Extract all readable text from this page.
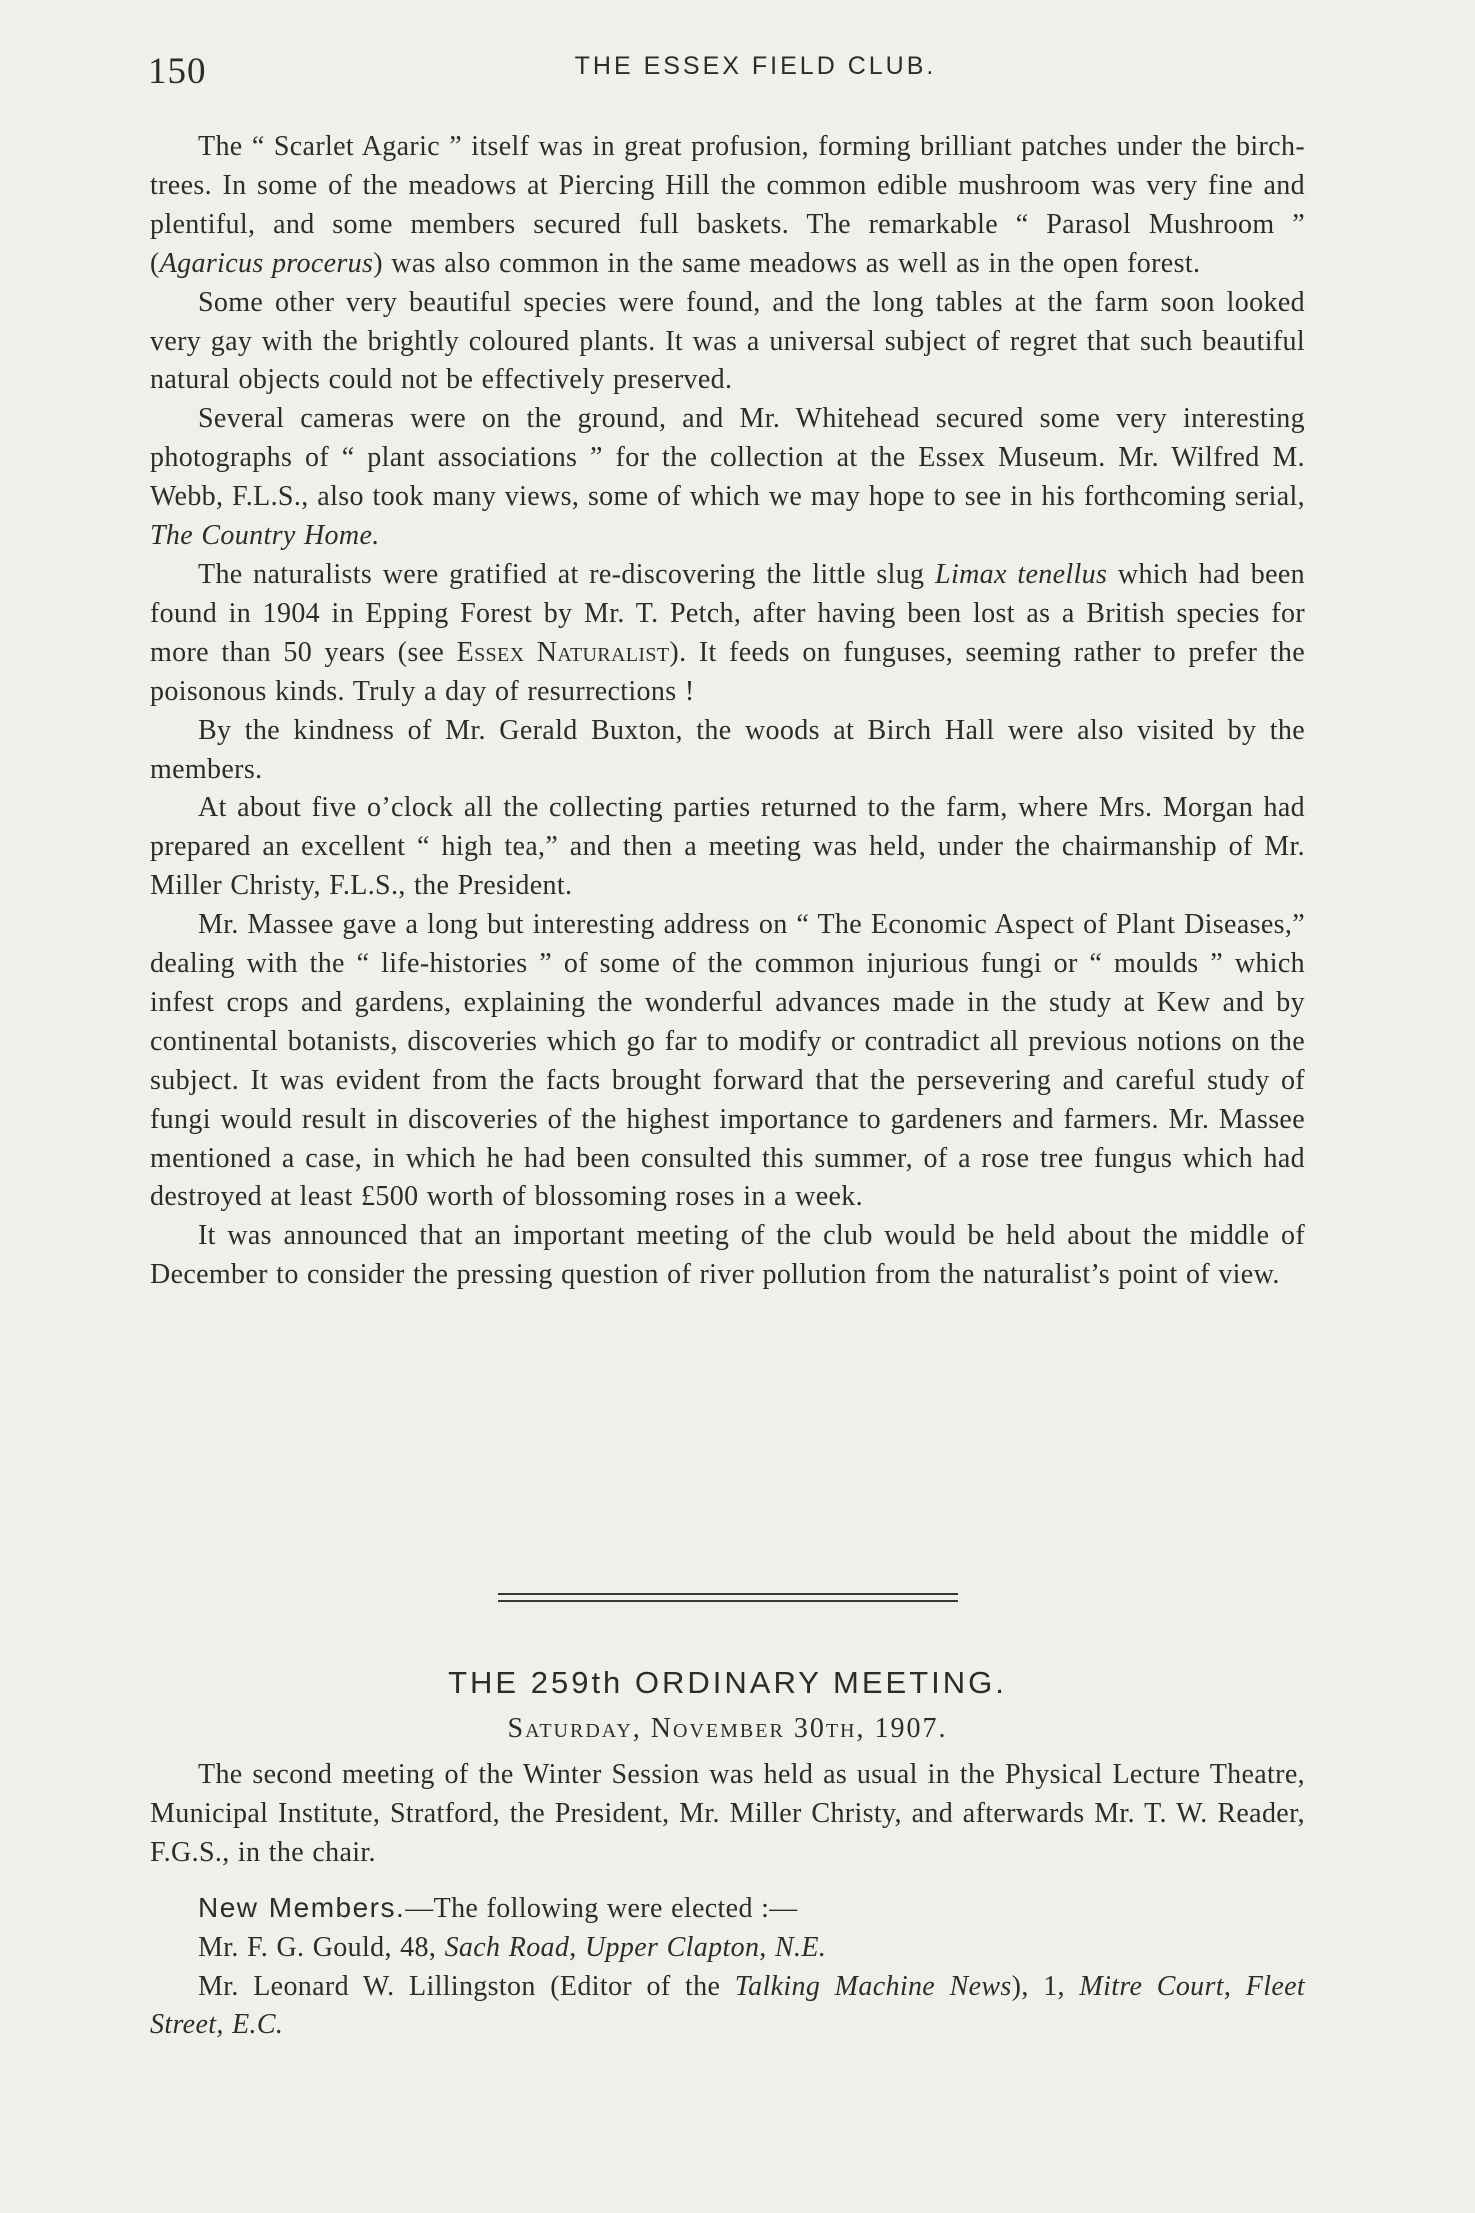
150	THE ESSEX FIELD CLUB.

The “ Scarlet Agaric ” itself was in great profusion, forming brilliant patches under the birch-trees. In some of the meadows at Piercing Hill the common edible mushroom was very fine and plentiful, and some members secured full baskets. The remarkable “ Parasol Mushroom ” (Agaricus procerus) was also common in the same meadows as well as in the open forest.

Some other very beautiful species were found, and the long tables at the farm soon looked very gay with the brightly coloured plants. It was a universal subject of regret that such beautiful natural objects could not be effectively preserved.

Several cameras were on the ground, and Mr. Whitehead secured some very interesting photographs of “ plant associations ” for the collection at the Essex Museum. Mr. Wilfred M. Webb, F.L.S., also took many views, some of which we may hope to see in his forthcoming serial, The Country Home.

The naturalists were gratified at re-discovering the little slug Limax tenellus which had been found in 1904 in Epping Forest by Mr. T. Petch, after having been lost as a British species for more than 50 years (see Essex Naturalist). It feeds on funguses, seeming rather to prefer the poisonous kinds. Truly a day of resurrections !

By the kindness of Mr. Gerald Buxton, the woods at Birch Hall were also visited by the members.

At about five o’clock all the collecting parties returned to the farm, where Mrs. Morgan had prepared an excellent “ high tea,” and then a meeting was held, under the chairmanship of Mr. Miller Christy, F.L.S., the President.

Mr. Massee gave a long but interesting address on “ The Economic Aspect of Plant Diseases,” dealing with the “ life-histories ” of some of the common injurious fungi or “ moulds ” which infest crops and gardens, explaining the wonderful advances made in the study at Kew and by continental botanists, discoveries which go far to modify or contradict all previous notions on the subject. It was evident from the facts brought forward that the persevering and careful study of fungi would result in discoveries of the highest importance to gardeners and farmers. Mr. Massee mentioned a case, in which he had been consulted this summer, of a rose tree fungus which had destroyed at least £500 worth of blossoming roses in a week.

It was announced that an important meeting of the club would be held about the middle of December to consider the pressing question of river pollution from the naturalist’s point of view.

THE 259th ORDINARY MEETING.

Saturday, November 30th, 1907.

The second meeting of the Winter Session was held as usual in the Physical Lecture Theatre, Municipal Institute, Stratford, the President, Mr. Miller Christy, and afterwards Mr. T. W. Reader, F.G.S., in the chair.

New Members.—The following were elected :—

Mr. F. G. Gould, 48, Sach Road, Upper Clapton, N.E.

Mr. Leonard W. Lillingston (Editor of the Talking Machine News), 1, Mitre Court, Fleet Street, E.C.
